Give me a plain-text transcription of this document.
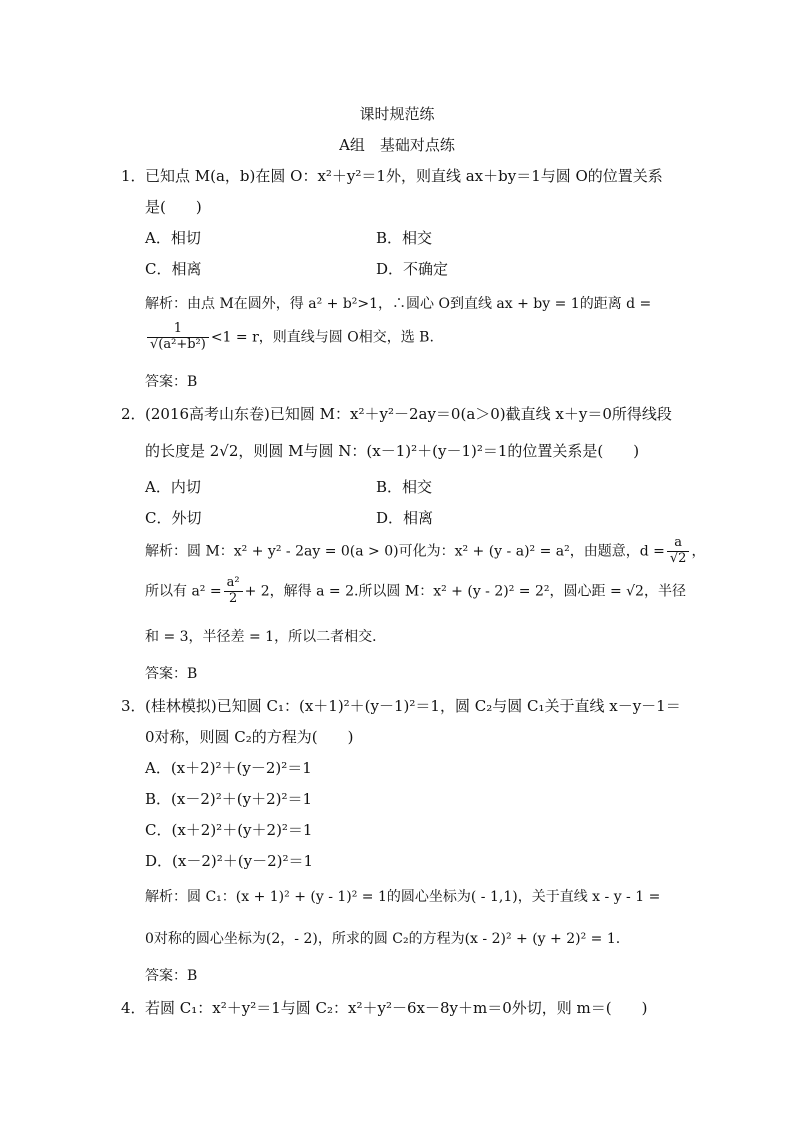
课时规范练
A组　基础对点练
1． 已知点 M(a，b)在圆 O：x²＋y²＝1外，则直线 ax＋by＝1与圆 O的位置关系
是(　　)
A．相切	B．相交
C．相离	D．不确定
解析：由点 M在圆外，得 a² + b²>1，∴圆心 O到直线 ax + by = 1的距离 d =
$\frac{1}{\text{√(a²+b²)}} <1 = r$，则直线与圆 O相交，选 B.
答案：B
2． (2016高考山东卷)已知圆 M：x²＋y²－2ay＝0(a＞0)截直线 x＋y＝0所得线段
的长度是 2√2，则圆 M与圆 N：(x－1)²＋(y－1)²＝1的位置关系是(　　)
A．内切	B．相交
C．外切	D．相离
解析：圆 M：x² + y² - 2ay = 0(a > 0)可化为：x² + (y - a)² = a²，由题意，$d = \frac{a}{√2}$ ，
所以有 $a^2 = \frac{\text{a²}}{2} + 2$，解得 a = 2.所以圆 M：x² + (y - 2)² = 2²，圆心距 = √2，半径
和 = 3，半径差 = 1，所以二者相交．
答案：B
3． (桂林模拟)已知圆 C₁：(x＋1)²＋(y－1)²＝1，圆 C₂与圆 C₁关于直线 x－y－1＝
0对称，则圆 C₂的方程为(　　)
A．(x＋2)²＋(y－2)²＝1
B．(x－2)²＋(y＋2)²＝1
C．(x＋2)²＋(y＋2)²＝1
D．(x－2)²＋(y－2)²＝1
解析：圆 C₁：(x + 1)² + (y - 1)² = 1的圆心坐标为( - 1,1)，关于直线 x - y - 1 =
0对称的圆心坐标为(2，- 2)，所求的圆 C₂的方程为(x - 2)² + (y + 2)² = 1.
答案：B
4． 若圆 C₁：x²＋y²＝1与圆 C₂：x²＋y²－6x－8y＋m＝0外切，则 m＝(　　)
